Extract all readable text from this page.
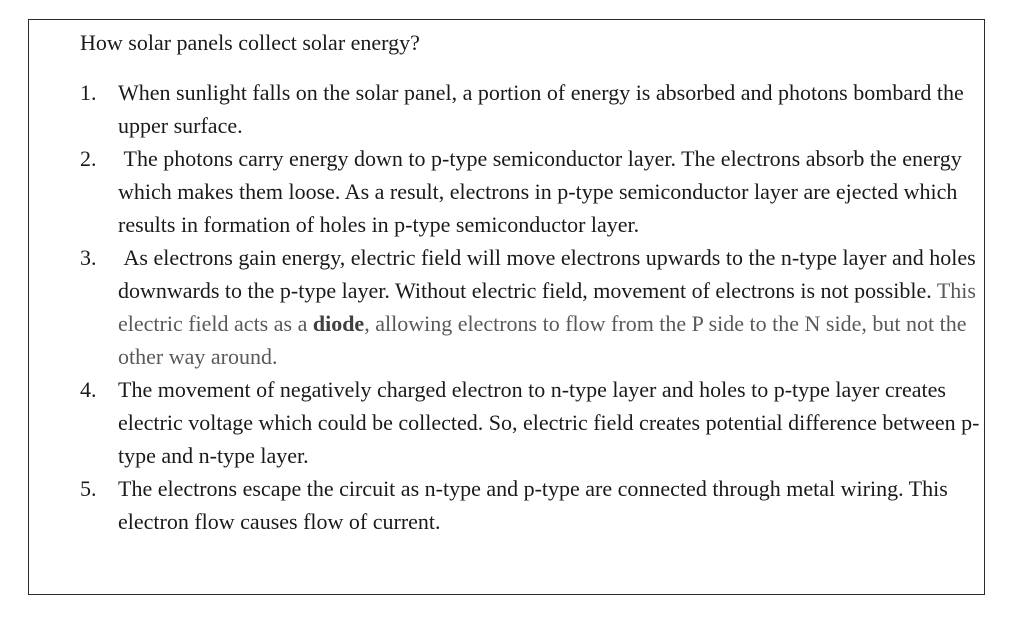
How solar panels collect solar energy?
1. When sunlight falls on the solar panel, a portion of energy is absorbed and photons bombard the upper surface.
2. The photons carry energy down to p-type semiconductor layer. The electrons absorb the energy which makes them loose. As a result, electrons in p-type semiconductor layer are ejected which results in formation of holes in p-type semiconductor layer.
3. As electrons gain energy, electric field will move electrons upwards to the n-type layer and holes downwards to the p-type layer. Without electric field, movement of electrons is not possible. This electric field acts as a diode, allowing electrons to flow from the P side to the N side, but not the other way around.
4. The movement of negatively charged electron to n-type layer and holes to p-type layer creates electric voltage which could be collected. So, electric field creates potential difference between p-type and n-type layer.
5. The electrons escape the circuit as n-type and p-type are connected through metal wiring. This electron flow causes flow of current.
